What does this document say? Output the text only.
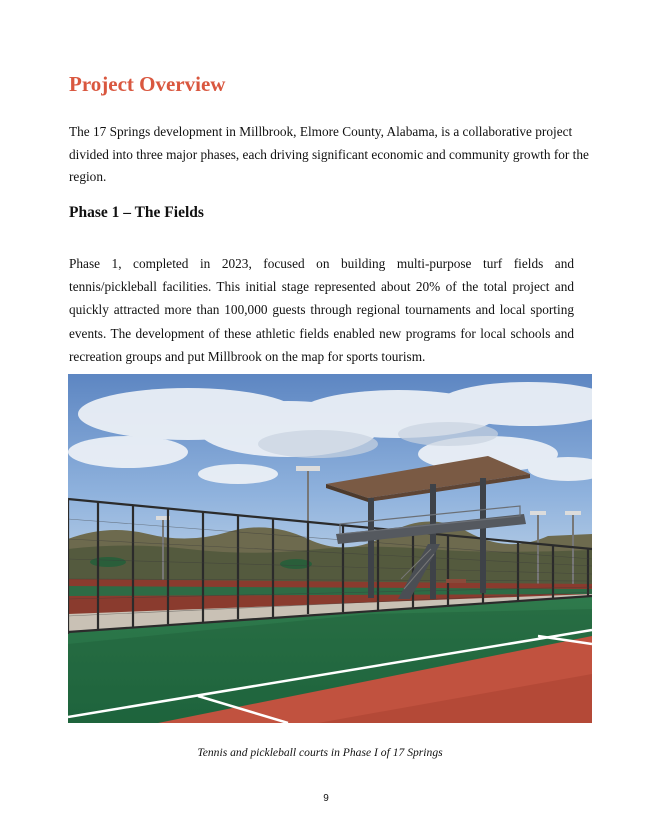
Project Overview

The 17 Springs development in Millbrook, Elmore County, Alabama, is a collaborative project divided into three major phases, each driving significant economic and community growth for the region.

Phase 1 – The Fields

Phase 1, completed in 2023, focused on building multi-purpose turf fields and tennis/pickleball facilities. This initial stage represented about 20% of the total project and quickly attracted more than 100,000 guests through regional tournaments and local sporting events. The development of these athletic fields enabled new programs for local schools and recreation groups and put Millbrook on the map for sports tourism.

Tennis and pickleball courts in Phase I of 17 Springs

9
